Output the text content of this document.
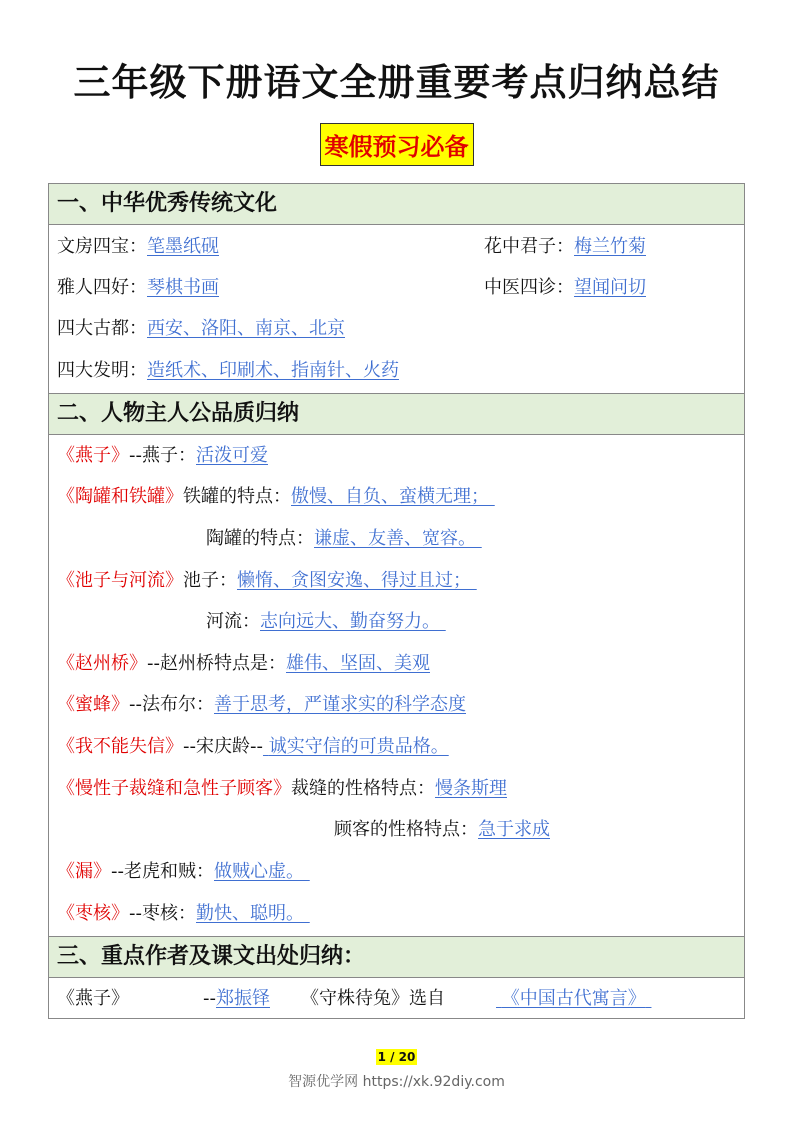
三年级下册语文全册重要考点归纳总结
寒假预习必备
一、中华优秀传统文化
文房四宝：笔墨纸砚	花中君子：梅兰竹菊
雅人四好：琴棋书画	中医四诊：望闻问切
四大古都：西安、洛阳、南京、北京
四大发明：造纸术、印刷术、指南针、火药
二、人物主人公品质归纳
《燕子》--燕子：活泼可爱
《陶罐和铁罐》铁罐的特点：傲慢、自负、蛮横无理；
陶罐的特点：谦虚、友善、宽容。
《池子与河流》池子：懒惰、贪图安逸、得过且过；
河流：志向远大、勤奋努力。
《赵州桥》--赵州桥特点是：雄伟、坚固、美观
《蜜蜂》--法布尔：善于思考，严谨求实的科学态度
《我不能失信》--宋庆龄-- 诚实守信的可贵品格。
《慢性子裁缝和急性子顾客》裁缝的性格特点：慢条斯理
顾客的性格特点：急于求成
《漏》--老虎和贼：做贼心虚。
《枣核》--枣核：勤快、聪明。
三、重点作者及课文出处归纳：
《燕子》	--郑振铎 《守株待兔》选自	《中国古代寓言》
1 / 20
智源优学网 https://xk.92diy.com
